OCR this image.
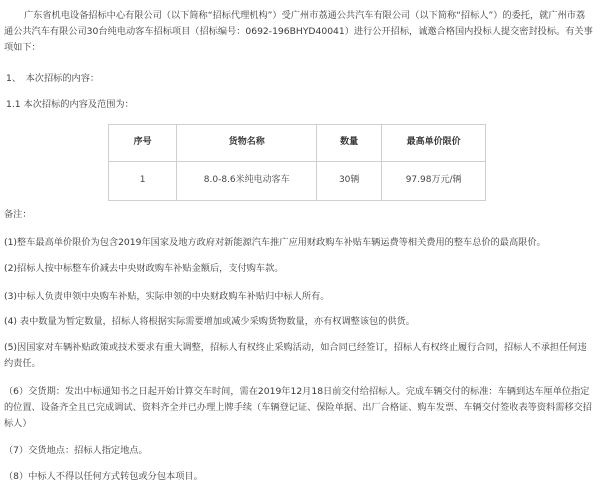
广东省机电设备招标中心有限公司（以下简称“招标代理机构”）受广州市荔通公共汽车有限公司（以下简称“招标人”）的委托，就广州市荔通公共汽车有限公司30台纯电动客车招标项目（招标编号：0692-196BHYD40041）进行公开招标，诚邀合格国内投标人提交密封投标。有关事项如下：

1、　本次招标的内容：

1.1 本次招标的内容及范围为：

序号	货物名称	数量	最高单价限价
1	8.0-8.6米纯电动客车	30辆	97.98万元/辆

备注：

(1)整车最高单价限价为包含2019年国家及地方政府对新能源汽车推广应用财政购车补贴车辆运费等相关费用的整车总价的最高限价。

(2)招标人按中标整车价减去中央财政购车补贴金额后，支付购车款。

(3)中标人负责申领中央购车补贴，实际申领的中央财政购车补贴归中标人所有。

(4) 表中数量为暂定数量，招标人将根据实际需要增加或减少采购货物数量，亦有权调整该包的供货。

(5)因国家对车辆补贴政策或技术要求有重大调整，招标人有权终止采购活动，如合同已经签订，招标人有权终止履行合同，招标人不承担任何违约责任。

（6）交货期：发出中标通知书之日起开始计算交车时间，需在2019年12月18日前交付给招标人。完成车辆交付的标准：车辆到达车厘单位指定的位置、设备齐全且已完成调试、资料齐全并已办理上牌手续（车辆登记证、保险单据、出厂合格证、购车发票、车辆交付签收表等资料需移交招标人）

（7）交货地点：招标人指定地点。

（8）中标人不得以任何方式转包或分包本项目。
